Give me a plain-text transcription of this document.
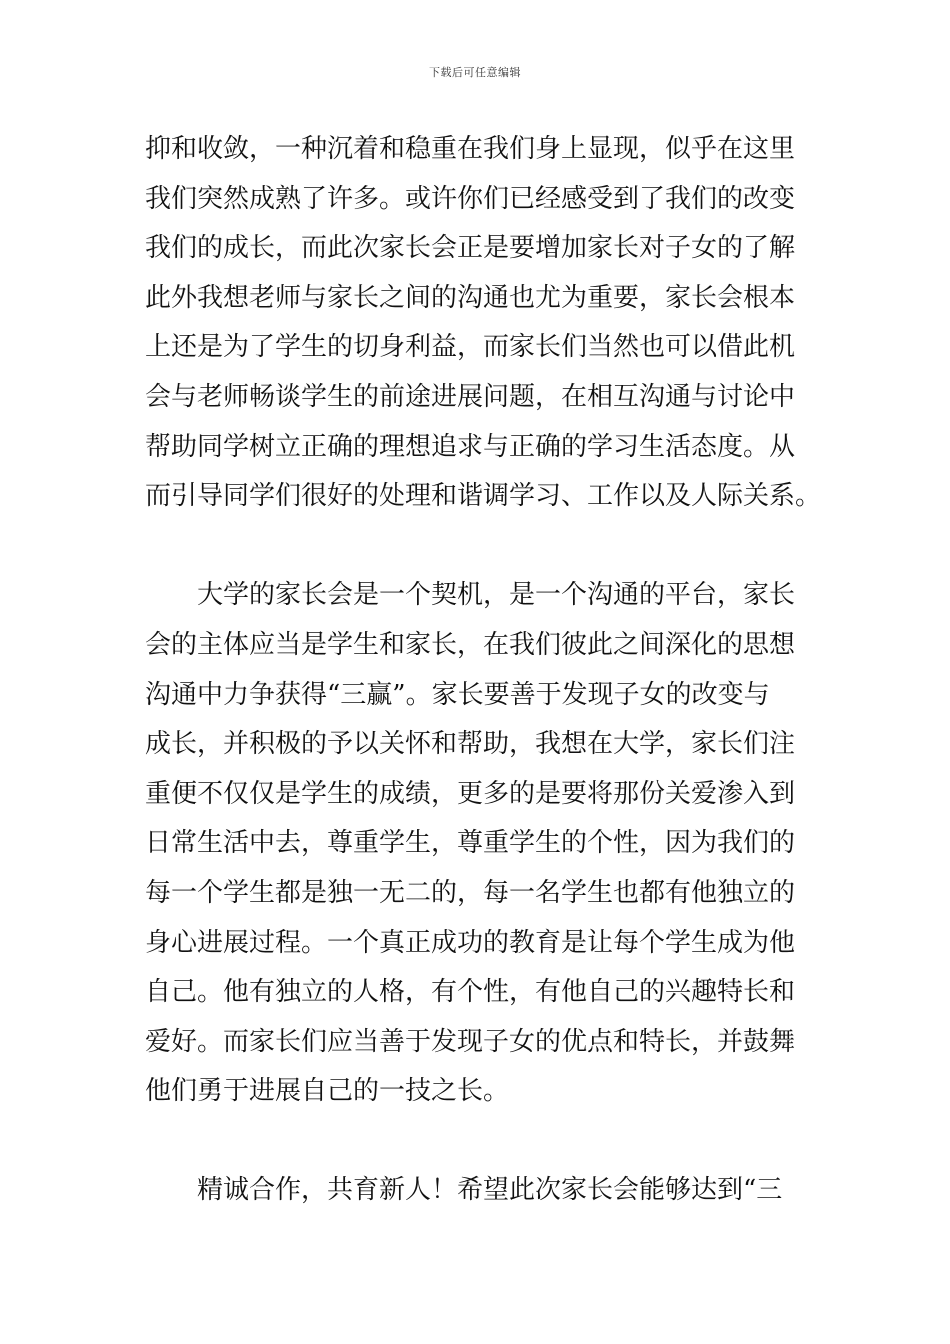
下载后可任意编辑
抑和收敛，一种沉着和稳重在我们身上显现，似乎在这里
我们突然成熟了许多。或许你们已经感受到了我们的改变
我们的成长，而此次家长会正是要增加家长对子女的了解
此外我想老师与家长之间的沟通也尤为重要，家长会根本
上还是为了学生的切身利益，而家长们当然也可以借此机
会与老师畅谈学生的前途进展问题，在相互沟通与讨论中
帮助同学树立正确的理想追求与正确的学习生活态度。从
而引导同学们很好的处理和谐调学习、工作以及人际关系。
大学的家长会是一个契机，是一个沟通的平台，家长
会的主体应当是学生和家长，在我们彼此之间深化的思想
沟通中力争获得“三赢”。家长要善于发现子女的改变与
成长，并积极的予以关怀和帮助，我想在大学，家长们注
重便不仅仅是学生的成绩，更多的是要将那份关爱渗入到
日常生活中去，尊重学生，尊重学生的个性，因为我们的
每一个学生都是独一无二的，每一名学生也都有他独立的
身心进展过程。一个真正成功的教育是让每个学生成为他
自己。他有独立的人格，有个性，有他自己的兴趣特长和
爱好。而家长们应当善于发现子女的优点和特长，并鼓舞
他们勇于进展自己的一技之长。
精诚合作，共育新人！希望此次家长会能够达到“三
